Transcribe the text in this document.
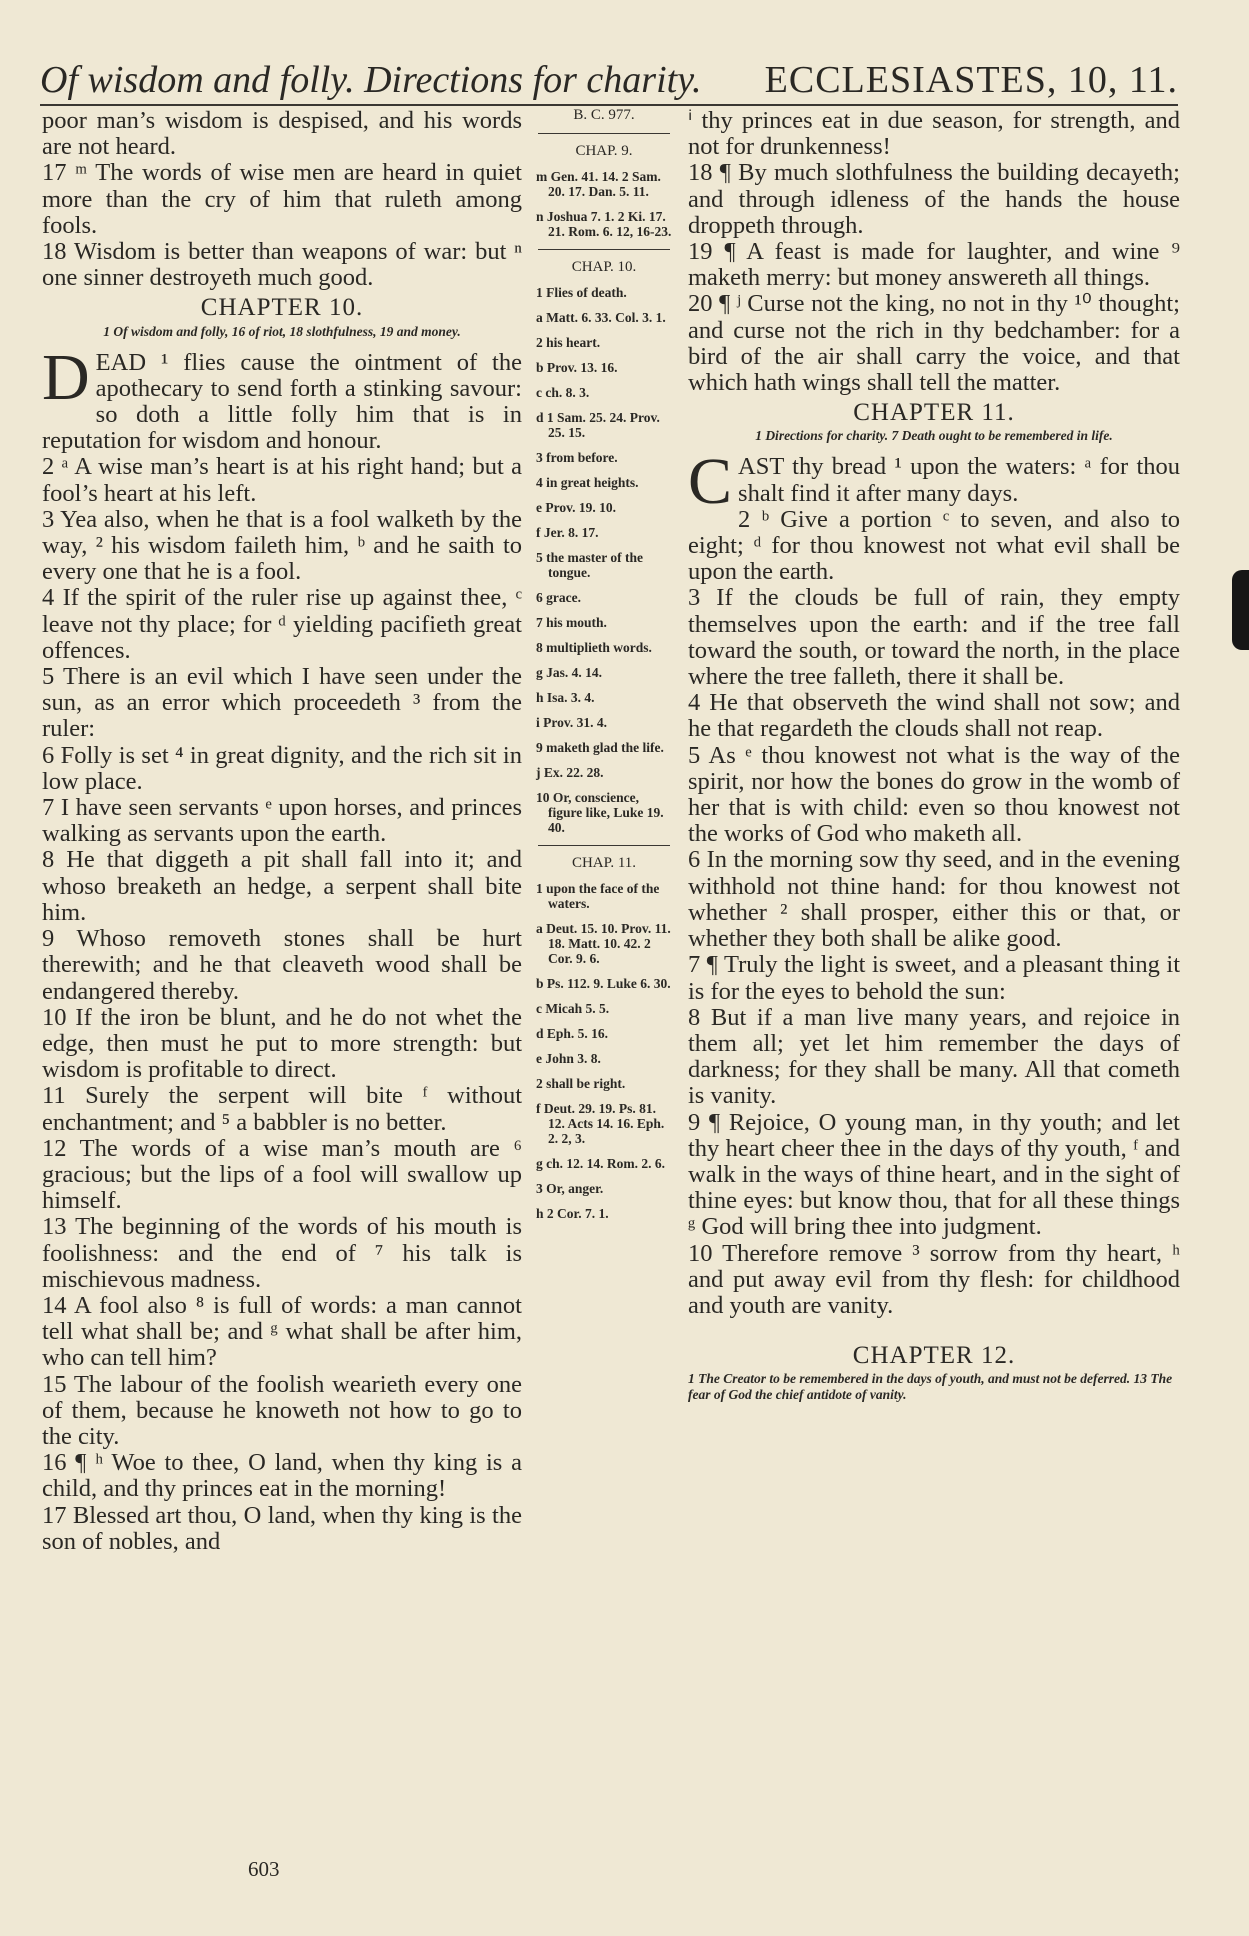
Of wisdom and folly. Directions for charity. ECCLESIASTES, 10, 11.

poor man’s wisdom is despised, and his words are not heard.

17 ᵐ The words of wise men are heard in quiet more than the cry of him that ruleth among fools.

18 Wisdom is better than weapons of war: but ⁿ one sinner destroyeth much good.

CHAPTER 10.
1 Of wisdom and folly, 16 of riot, 18 slothfulness, 19 and money.

DEAD ¹ flies cause the ointment of the apothecary to send forth a stinking savour: so doth a little folly him that is in reputation for wisdom and honour.

2 ᵃ A wise man’s heart is at his right hand; but a fool’s heart at his left.

3 Yea also, when he that is a fool walketh by the way, ² his wisdom faileth him, ᵇ and he saith to every one that he is a fool.

4 If the spirit of the ruler rise up against thee, ᶜ leave not thy place; for ᵈ yielding pacifieth great offences.

5 There is an evil which I have seen under the sun, as an error which proceedeth ³ from the ruler:

6 Folly is set ⁴ in great dignity, and the rich sit in low place.

7 I have seen servants ᵉ upon horses, and princes walking as servants upon the earth.

8 He that diggeth a pit shall fall into it; and whoso breaketh an hedge, a serpent shall bite him.

9 Whoso removeth stones shall be hurt therewith; and he that cleaveth wood shall be endangered thereby.

10 If the iron be blunt, and he do not whet the edge, then must he put to more strength: but wisdom is profitable to direct.

11 Surely the serpent will bite ᶠ without enchantment; and ⁵ a babbler is no better.

12 The words of a wise man’s mouth are ⁶ gracious; but the lips of a fool will swallow up himself.

13 The beginning of the words of his mouth is foolishness: and the end of ⁷ his talk is mischievous madness.

14 A fool also ⁸ is full of words: a man cannot tell what shall be; and ᵍ what shall be after him, who can tell him?

15 The labour of the foolish wearieth every one of them, because he knoweth not how to go to the city.

16 ¶ ʰ Woe to thee, O land, when thy king is a child, and thy princes eat in the morning!

17 Blessed art thou, O land, when thy king is the son of nobles, and

B. C. 977.
CHAP. 9.
m Gen. 41. 14. 2 Sam. 20. 17. Dan. 5. 11.
n Joshua 7. 1. 2 Ki. 17. 21. Rom. 6. 12, 16-23.
CHAP. 10.
1 Flies of death.
a Matt. 6. 33. Col. 3. 1.
2 his heart.
b Prov. 13. 16.
c ch. 8. 3.
d 1 Sam. 25. 24. Prov. 25. 15.
3 from before.
4 in great heights.
e Prov. 19. 10.
f Jer. 8. 17.
5 the master of the tongue.
6 grace.
7 his mouth.
8 multiplieth words.
g Jas. 4. 14.
h Isa. 3. 4.
i Prov. 31. 4.
9 maketh glad the life.
j Ex. 22. 28.
10 Or, conscience, figure like, Luke 19. 40.
CHAP. 11.
1 upon the face of the waters.
a Deut. 15. 10. Prov. 11. 18. Matt. 10. 42. 2 Cor. 9. 6.
b Ps. 112. 9. Luke 6. 30.
c Micah 5. 5.
d Eph. 5. 16.
e John 3. 8.
2 shall be right.
f Deut. 29. 19. Ps. 81. 12. Acts 14. 16. Eph. 2. 2, 3.
g ch. 12. 14. Rom. 2. 6.
3 Or, anger.
h 2 Cor. 7. 1.

ⁱ thy princes eat in due season, for strength, and not for drunkenness!

18 ¶ By much slothfulness the building decayeth; and through idleness of the hands the house droppeth through.

19 ¶ A feast is made for laughter, and wine ⁹ maketh merry: but money answereth all things.

20 ¶ ʲ Curse not the king, no not in thy ¹⁰ thought; and curse not the rich in thy bedchamber: for a bird of the air shall carry the voice, and that which hath wings shall tell the matter.

CHAPTER 11.
1 Directions for charity. 7 Death ought to be remembered in life.

CAST thy bread ¹ upon the waters: ᵃ for thou shalt find it after many days.

2 ᵇ Give a portion ᶜ to seven, and also to eight; ᵈ for thou knowest not what evil shall be upon the earth.

3 If the clouds be full of rain, they empty themselves upon the earth: and if the tree fall toward the south, or toward the north, in the place where the tree falleth, there it shall be.

4 He that observeth the wind shall not sow; and he that regardeth the clouds shall not reap.

5 As ᵉ thou knowest not what is the way of the spirit, nor how the bones do grow in the womb of her that is with child: even so thou knowest not the works of God who maketh all.

6 In the morning sow thy seed, and in the evening withhold not thine hand: for thou knowest not whether ² shall prosper, either this or that, or whether they both shall be alike good.

7 ¶ Truly the light is sweet, and a pleasant thing it is for the eyes to behold the sun:

8 But if a man live many years, and rejoice in them all; yet let him remember the days of darkness; for they shall be many. All that cometh is vanity.

9 ¶ Rejoice, O young man, in thy youth; and let thy heart cheer thee in the days of thy youth, ᶠ and walk in the ways of thine heart, and in the sight of thine eyes: but know thou, that for all these things ᵍ God will bring thee into judgment.

10 Therefore remove ³ sorrow from thy heart, ʰ and put away evil from thy flesh: for childhood and youth are vanity.

CHAPTER 12.
1 The Creator to be remembered in the days of youth, and must not be deferred. 13 The fear of God the chief antidote of vanity.
603
